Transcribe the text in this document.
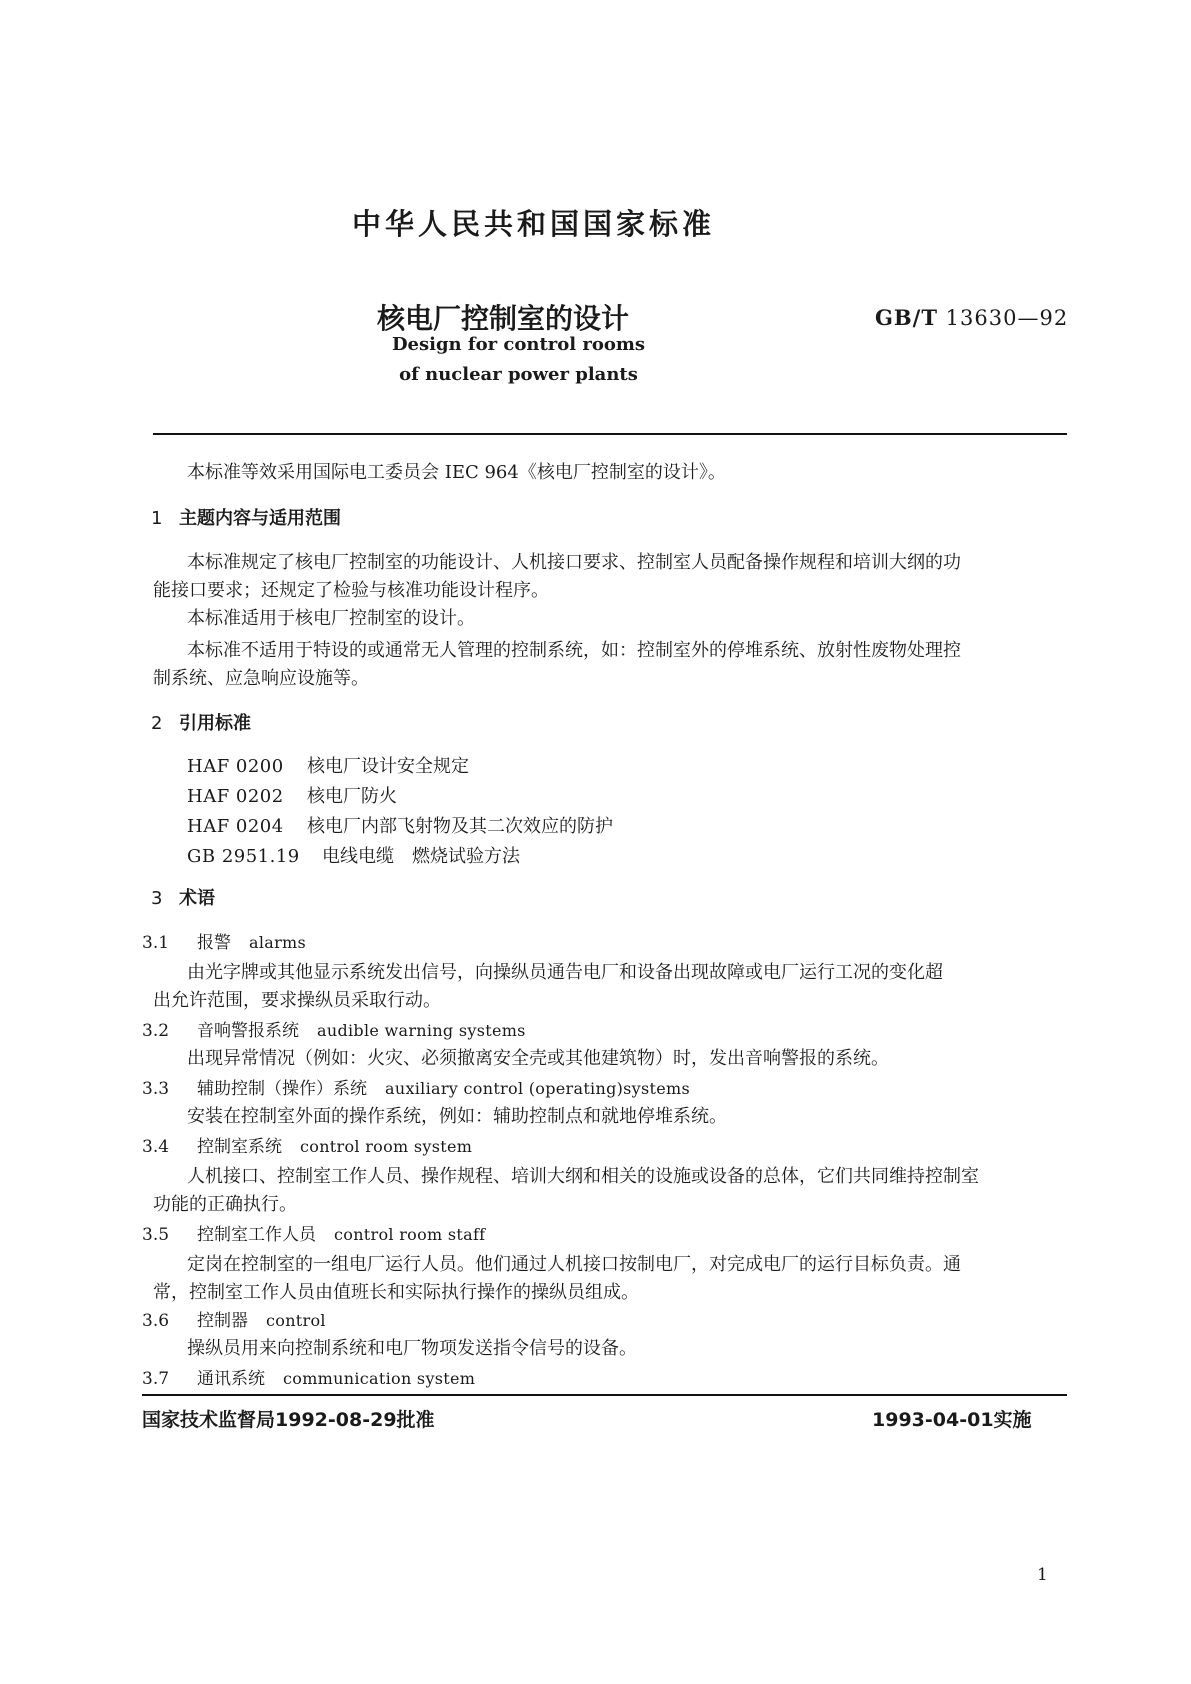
中华人民共和国国家标准
核电厂控制室的设计	GB/T 13630—92
Design for control rooms
of nuclear power plants
本标准等效采用国际电工委员会 IEC 964《核电厂控制室的设计》。
1 主题内容与适用范围
本标准规定了核电厂控制室的功能设计、人机接口要求、控制室人员配备操作规程和培训大纲的功
能接口要求；还规定了检验与核准功能设计程序。
本标准适用于核电厂控制室的设计。
本标准不适用于特设的或通常无人管理的控制系统，如：控制室外的停堆系统、放射性废物处理控
制系统、应急响应设施等。
2 引用标准
HAF 0200 核电厂设计安全规定
HAF 0202 核电厂防火
HAF 0204 核电厂内部飞射物及其二次效应的防护
GB 2951.19 电线电缆　燃烧试验方法
3 术语
3.1 报警 alarms
由光字牌或其他显示系统发出信号，向操纵员通告电厂和设备出现故障或电厂运行工况的变化超
出允许范围，要求操纵员采取行动。
3.2 音响警报系统 audible warning systems
出现异常情况（例如：火灾、必须撤离安全壳或其他建筑物）时，发出音响警报的系统。
3.3 辅助控制（操作）系统 auxiliary control (operating)systems
安装在控制室外面的操作系统，例如：辅助控制点和就地停堆系统。
3.4 控制室系统 control room system
人机接口、控制室工作人员、操作规程、培训大纲和相关的设施或设备的总体，它们共同维持控制室
功能的正确执行。
3.5 控制室工作人员 control room staff
定岗在控制室的一组电厂运行人员。他们通过人机接口按制电厂，对完成电厂的运行目标负责。通
常，控制室工作人员由值班长和实际执行操作的操纵员组成。
3.6 控制器 control
操纵员用来向控制系统和电厂物项发送指令信号的设备。
3.7 通讯系统 communication system
国家技术监督局1992-08-29批准	1993-04-01实施
1
